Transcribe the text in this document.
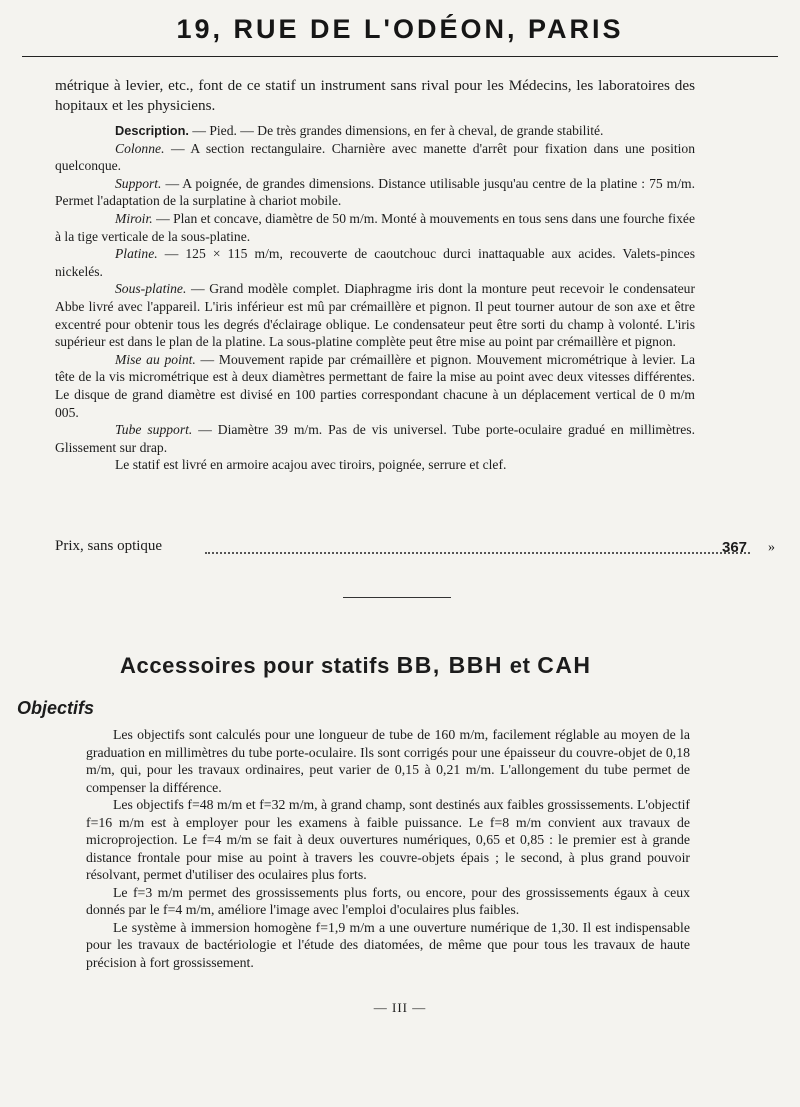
19, RUE DE L'ODÉON, PARIS

métrique à levier, etc., font de ce statif un instrument sans rival pour les Médecins, les laboratoires des hopitaux et les physiciens.

Description. — Pied. — De très grandes dimensions, en fer à cheval, de grande stabilité.

Colonne. — A section rectangulaire. Charnière avec manette d'arrêt pour fixation dans une position quelconque.

Support. — A poignée, de grandes dimensions. Distance utilisable jusqu'au centre de la platine : 75 m/m. Permet l'adaptation de la surplatine à chariot mobile.

Miroir. — Plan et concave, diamètre de 50 m/m. Monté à mouvements en tous sens dans une fourche fixée à la tige verticale de la sous-platine.

Platine. — 125 × 115 m/m, recouverte de caoutchouc durci inattaquable aux acides. Valets-pinces nickelés.

Sous-platine. — Grand modèle complet. Diaphragme iris dont la monture peut recevoir le condensateur Abbe livré avec l'appareil. L'iris inférieur est mû par crémaillère et pignon. Il peut tourner autour de son axe et être excentré pour obtenir tous les degrés d'éclairage oblique. Le condensateur peut être sorti du champ à volonté. L'iris supérieur est dans le plan de la platine. La sous-platine complète peut être mise au point par crémaillère et pignon.

Mise au point. — Mouvement rapide par crémaillère et pignon. Mouvement micrométrique à levier. La tête de la vis micrométrique est à deux diamètres permettant de faire la mise au point avec deux vitesses différentes. Le disque de grand diamètre est divisé en 100 parties correspondant chacune à un déplacement vertical de 0 m/m 005.

Tube support. — Diamètre 39 m/m. Pas de vis universel. Tube porte-oculaire gradué en millimètres. Glissement sur drap.

Le statif est livré en armoire acajou avec tiroirs, poignée, serrure et clef.

Prix, sans optique	367 »
Accessoires pour statifs BB, BBH et CAH
Objectifs

Les objectifs sont calculés pour une longueur de tube de 160 m/m, facilement réglable au moyen de la graduation en millimètres du tube porte-oculaire. Ils sont corrigés pour une épaisseur du couvre-objet de 0,18 m/m, qui, pour les travaux ordinaires, peut varier de 0,15 à 0,21 m/m. L'allongement du tube permet de compenser la différence.

Les objectifs f=48 m/m et f=32 m/m, à grand champ, sont destinés aux faibles grossissements. L'objectif f=16 m/m est à employer pour les examens à faible puissance. Le f=8 m/m convient aux travaux de microprojection. Le f=4 m/m se fait à deux ouvertures numériques, 0,65 et 0,85 : le premier est à grande distance frontale pour mise au point à travers les couvre-objets épais ; le second, à plus grand pouvoir résolvant, permet d'utiliser des oculaires plus forts.

Le f=3 m/m permet des grossissements plus forts, ou encore, pour des grossissements égaux à ceux donnés par le f=4 m/m, améliore l'image avec l'emploi d'oculaires plus faibles.

Le système à immersion homogène f=1,9 m/m a une ouverture numérique de 1,30. Il est indispensable pour les travaux de bactériologie et l'étude des diatomées, de même que pour tous les travaux de haute précision à fort grossissement.

— III —
